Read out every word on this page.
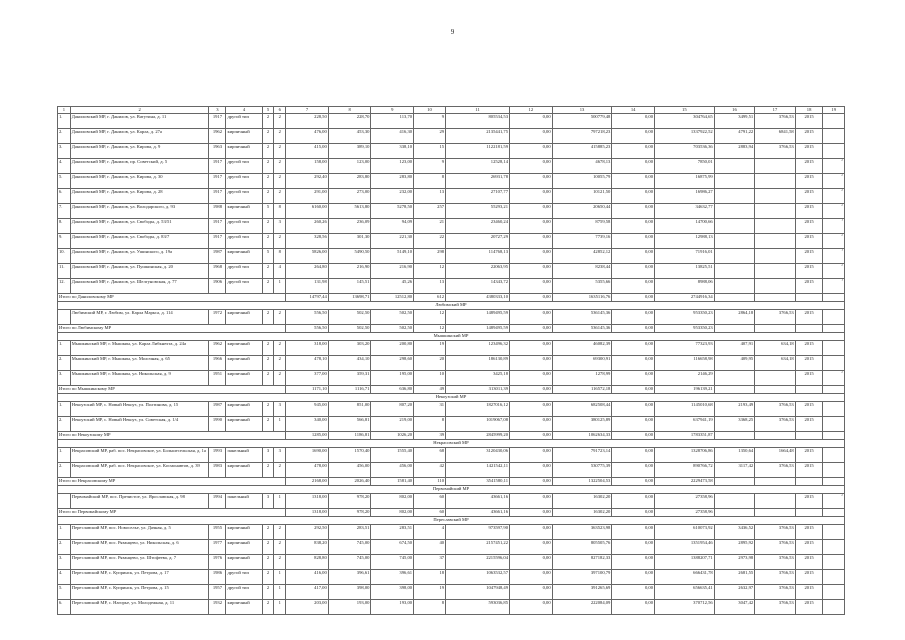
9
1	2	3	4	5	6	7	8	9	10	11	12	13	14	15	16	17	18	19
1.	Даниловский МР, г. Данилов, ул. Ватутина, д. 11	1917	другой тип	2	2	228,50	228,70	113,70	9	805534,53	0,00	500779,48	0,00	304764,65	3499,51	3766,53	2015	
2.	Даниловский МР, г. Данилов, ул. Карла, д. 27а	1962	кирпичный	2	2	476,00	453,30	416,30	29	2135441,75	0,00	797218,23	0,00	1337922,52	4791,22	6841,58	2015	
3.	Даниловский МР, г. Данилов, ул. Кирова, д. 9	1963	кирпичный	2	2	415,00	389,10	338,10	15	1122181,59	0,00	415885,23	0,00	703536,36	2883,94	3766,53	2015	
4.	Даниловский МР, г. Данилов, пр. Советский, д. 5	1917	другой тип	2	2	158,00	123,00	123,00	9	12528,14	0,00	4678,13	0,00	7850,01			2015	$^2$
5.	Даниловский МР, г. Данилов, ул. Кирова, д. 30	1917	другой тип	2	2	292,40	283,80	283,80	8	26931,78	0,00	10055,79	0,00	16875,99			2015	$^2$
6.	Даниловский МР, г. Данилов, ул. Кирова, д. 28	1917	другой тип	2	2	291,00	273,00	232,00	13	27107,77	0,00	10121,50	0,00	16986,27			2015	$^2$
7.	Даниловский МР, г. Данилов, ул. Володарского, д. 93	1988	кирпичный	5	8	6160,00	5613,80	5278,50	257	55293,21	0,00	20650,44	0,00	34632,77			2015	$^2$
8.	Даниловский МР, г. Данилов, ул. Свободы, д. 53/51	1917	другой тип	2	3	260,26	236,09	94,09	21	23460,24	0,00	8759,58	0,00	14700,66			2015	$^1$
9.	Даниловский МР, г. Данилов, ул. Свободы, д. 83/7	1917	другой тип	2	2	328,56	301,30	221,30	22	20727,29	0,00	7739,16	0,00	12988,13			2015	$^2$
10.	Даниловский МР, г. Данилов, ул. Ушинского, д. 19а	1987	кирпичный	5	8	5826,00	5490,50	5149,10	298	114768,13	0,00	42852,12	0,00	71916,01			2015	$^1$
11.	Даниловский МР, г. Данилов, ул. Пушкинская, д. 20	1968	другой тип	2	4	264,80	216,90	216,90	12	22063,95	0,00	8238,44	0,00	13825,51			2015	$^2$
12.	Даниловский МР, г. Данилов, ул. Шелгуновская, д. 77	1906	другой тип	2	1	131,98	145,51	45,26	13	14343,72	0,00	5355,66	0,00	8988,06			2015	$^1$
Итого по Даниловскому МР						14797,44	13698,71	12512,80	612	4380333,10	0,00	1635116,76	0,00	2744916,34				
Любимский МР																		
	Любимский МР, г. Любим, ул. Карла Маркса, д. 114	1972	кирпичный	2	2	556,50	502,50	502,50	12	1489495,59	0,00	536145,36	0,00	953350,23	2864,18	3766,53	2015	
Итого по Любимскому МР						556,50	502,50	502,50	12	1489495,59	0,00	536145,36	0,00	953350,23				
Мышкинский МР																		
1.	Мышкинский МР, г. Мышкин, ул. Карла Либкнехта, д. 24а	1962	кирпичный	2	2	318,00	303,20	200,80	19	123496,32	0,00	46082,39	0,00	77323,93	407,91	634,18	2015	
2.	Мышкинский МР, г. Мышкин, ул. Молочная, д. 65	1966	кирпичный	2	2	478,10	434,10	298,60	20	186130,89	0,00	69300,91	0,00	116658,98	409,95	634,18	2015	
3.	Мышкинский МР, г. Мышкин, ул. Никольская, д. 9	1951	кирпичный	2	2	377,00	359,31	195,00	10	3425,18	0,00	1278,99	0,00	2146,29			2015	$^2$
Итого по Мышкинскому МР						1171,10	1116,71	636,80	49	313011,39	0,00	116572,18	0,00	196139,21				
Некоузский МР																		
1.	Некоузский МР, с. Новый Некоуз, ул. Полтинова, д. 15	1987	кирпичный	2	3	945,00	851,00	807,20	31	1827016,12	0,00	682508,44	0,00	1145010,68	2193,49	3766,53	2015	
2.	Некоузский МР, с. Новый Некоуз, ул. Советская, д. 1/4	1990	кирпичный	2	1	340,00	566,81	219,00	8	1019067,08	0,00	380125,89	0,00	637941,19	3368,25	3766,53	2015	
Итого по Некоузскому МР						1285,00	1186,81	1026,20	39	2845999,20	0,00	1062634,33	0,00	1783351,87				
Некрасовский МР																		
1.	Некрасовский МР, раб. пос. Некрасовское, ул. Большесельская, д. 1а	1993	панельный	3	3	1690,00	1570,40	1555,40	68	3120430,06	0,00	791723,14	0,00	1328706,86	1350,64	1664,48	2015	
2.	Некрасовский МР, раб. пос. Некрасовское, ул. Космонавтов, д. 39	1983	кирпичный	2	2	478,00	456,00	456,00	42	1421542,11	0,00	530775,39	0,00	890766,72	3117,42	3766,53	2015	
Итого по Некрасовскому МР						2168,00	2026,40	1581,40	110	3541580,11	0,00	1322504,53	0,00	2229473,58				
Первомайский МР																		
	Первомайский МР, пос. Пречистое, ул. Ярославская, д. 98	1994	панельный	3	1	1318,00	978,20	802,00	60	43661,16	0,00	16302,20	0,00	27358,96			2015	$^2$
Итого по Первомайскому МР						1318,00	978,20	802,00	60	43661,16	0,00	16302,20	0,00	27358,96				
Переславский МР																		
1.	Переславский МР, пос. Новоселье, ул. Дачная, д. 5	1955	кирпичный	2	2	292,50	283,51	283,51	4	973597,90	0,00	363523,98	0,00	610073,92	3436,52	3766,53	2015	
2.	Переславский МР, пос. Рязанцево, ул. Никольская, д. 6	1977	кирпичный	2	2	838,20	745,00	674,50	40	2157451,22	0,00	805505,76	0,00	1351954,46	2895,92	3766,53	2015	
3.	Переславский МР, пос. Рязанцево, ул. Штофеева, д. 7	1976	кирпичный	2	2	828,80	745,00	745,00	37	2215596,04	0,00	827182,33	0,00	1388207,71	2973,98	3766,53	2015	
4.	Переславский МР, с. Купринск, ул. Петрова, д. 17	1986	другой тип	2	1	416,00	396,61	396,61	18	1063532,57	0,00	397100,79	0,00	666431,78	2681,55	3766,53	2015	
5.	Переславский МР, с. Купринск, ул. Петрова, д. 15	1957	другой тип	2	1	417,00	398,00	398,00	19	1047948,49	0,00	391265,69	0,00	656635,41	2632,97	3766,53	2015	
6.	Переславский МР, с. Нагорье, ул. Молодежная, д. 11	1932	кирпичный	2	1	203,00	193,00	193,00	8	593036,85	0,00	222084,09	0,00	370712,56	3047,42	3766,53	2015	
